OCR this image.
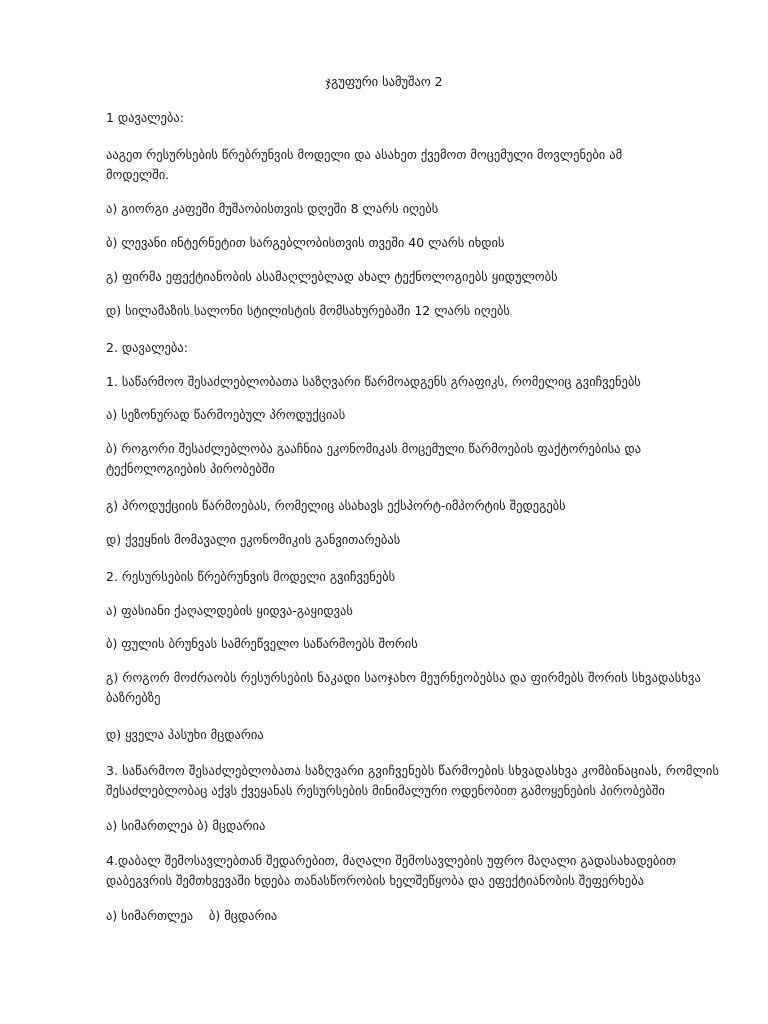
ჯგუფური სამუშაო 2
1 დავალება:
ააგეთ რესურსების წრებრუნვის მოდელი და ასახეთ ქვემოთ მოცემული მოვლენები ამ
მოდელში.
ა) გიორგი კაფეში მუშაობისთვის დღეში 8 ლარს იღებს
ბ) ლევანი ინტერნეტით სარგებლობისთვის თვეში 40 ლარს იხდის
გ) ფირმა ეფექტიანობის ასამაღლებლად ახალ ტექნოლოგიებს ყიდულობს
დ) სილამაზის სალონი სტილისტის მომსახურებაში 12 ლარს იღებს
2. დავალება:
1. საწარმოო შესაძლებლობათა საზღვარი წარმოადგენს გრაფიკს, რომელიც გვიჩვენებს
ა) სეზონურად წარმოებულ პროდუქციას
ბ) როგორი შესაძლებლობა გააჩნია ეკონომიკას მოცემული წარმოების ფაქტორებისა და
ტექნოლოგიების პირობებში
გ) პროდუქციის წარმოებას, რომელიც ასახავს ექსპორტ-იმპორტის შედეგებს
დ) ქვეყნის მომავალი ეკონომიკის განვითარებას
2. რესურსების წრებრუნვის მოდელი გვიჩვენებს
ა) ფასიანი ქაღალდების ყიდვა-გაყიდვას
ბ) ფულის ბრუნვას სამრეწველო საწარმოებს შორის
გ) როგორ მოძრაობს რესურსების ნაკადი საოჯახო მეურნეობებსა და ფირმებს შორის სხვადასხვა
ბაზრებზე
დ) ყველა პასუხი მცდარია
3. საწარმოო შესაძლებლობათა საზღვარი გვიჩვენებს წარმოების სხვადასხვა კომბინაციას, რომლის
შესაძლებლობაც აქვს ქვეყანას რესურსების მინიმალური ოდენობით გამოყენების პირობებში
ა) სიმართლეა ბ) მცდარია
4.დაბალ შემოსავლებთან შედარებით, მაღალი შემოსავლების უფრო მაღალი გადასახადებით
დაბეგვრის შემთხვევაში ხდება თანასწორობის ხელშეწყობა და ეფექტიანობის შეფერხება
ა) სიმართლეა    ბ) მცდარია
